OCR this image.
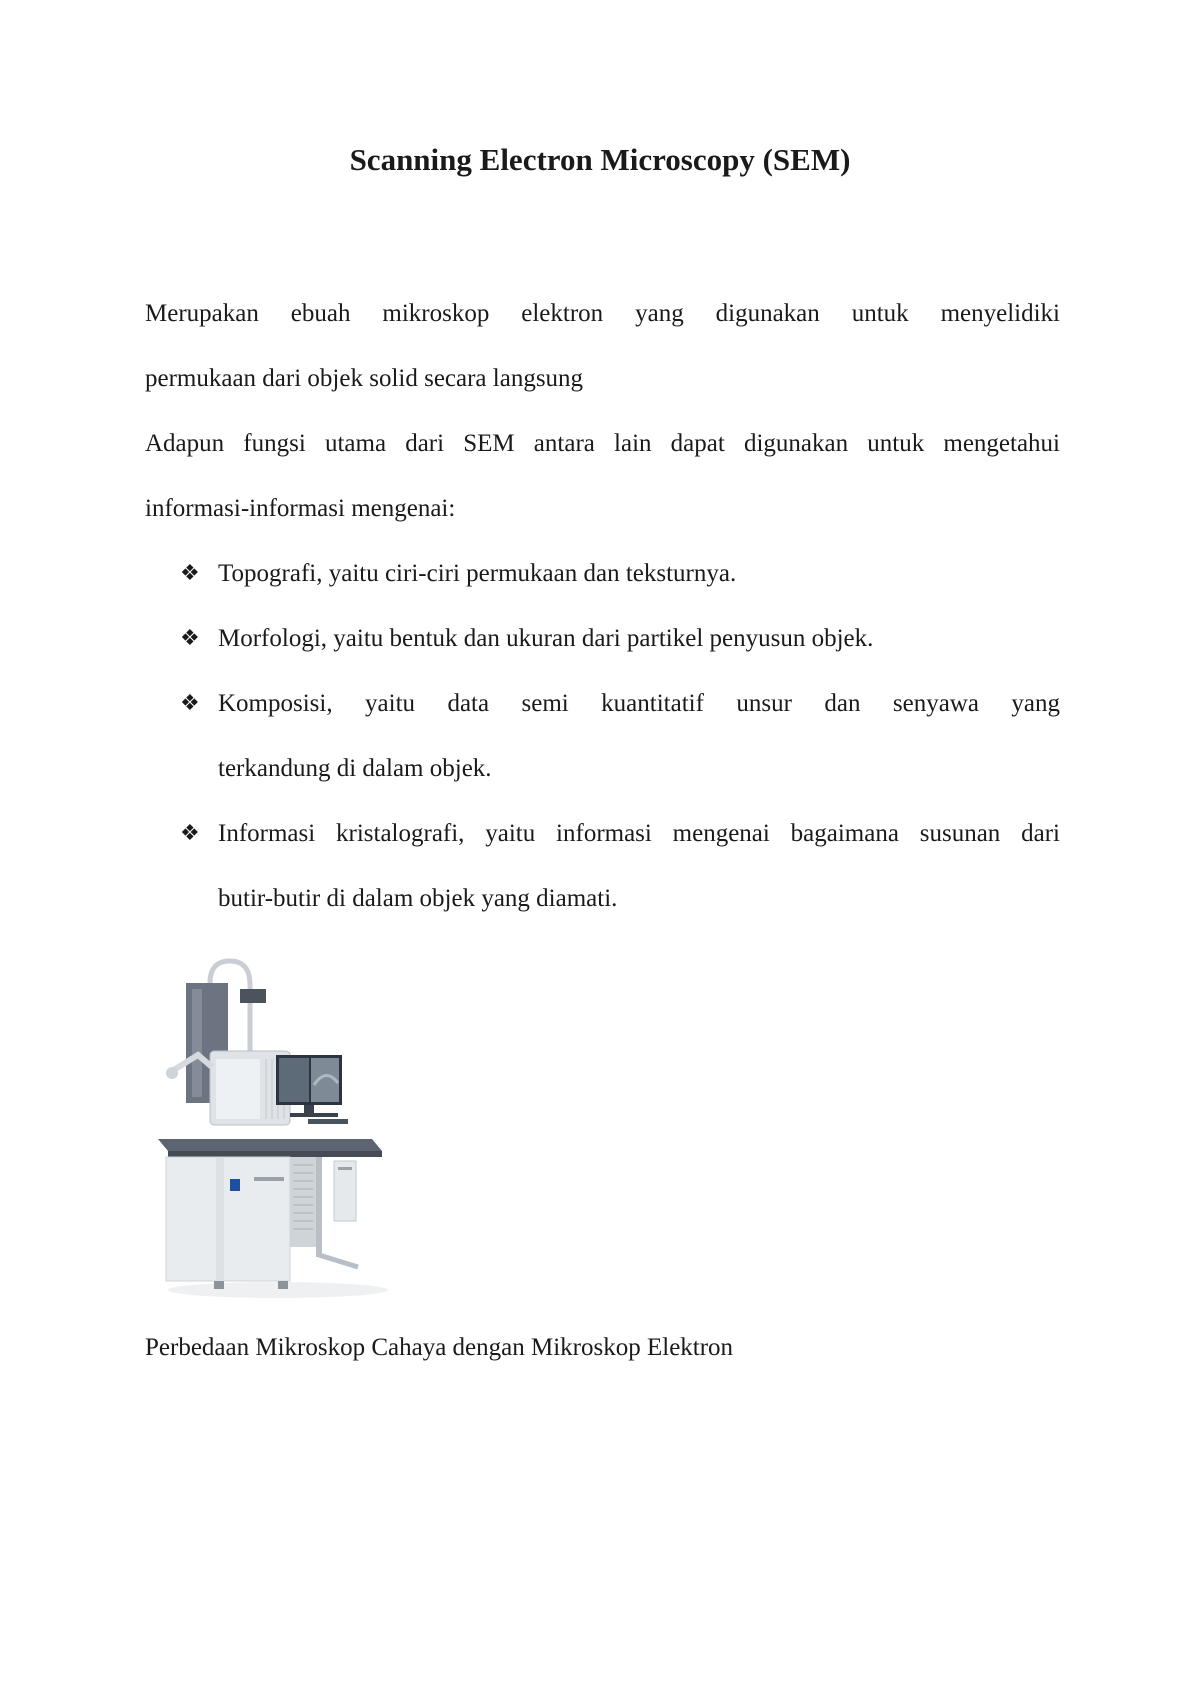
Scanning Electron Microscopy (SEM)

Merupakan ebuah mikroskop elektron yang digunakan untuk menyelidiki

permukaan dari objek solid secara langsung

Adapun fungsi utama dari SEM antara lain dapat digunakan untuk mengetahui

informasi-informasi mengenai:

❖ Topografi, yaitu ciri-ciri permukaan dan teksturnya.

❖ Morfologi, yaitu bentuk dan ukuran dari partikel penyusun objek.

❖ Komposisi, yaitu data semi kuantitatif unsur dan senyawa yang

terkandung di dalam objek.

❖ Informasi kristalografi, yaitu informasi mengenai bagaimana susunan dari

butir-butir di dalam objek yang diamati.

Perbedaan Mikroskop Cahaya dengan Mikroskop Elektron
